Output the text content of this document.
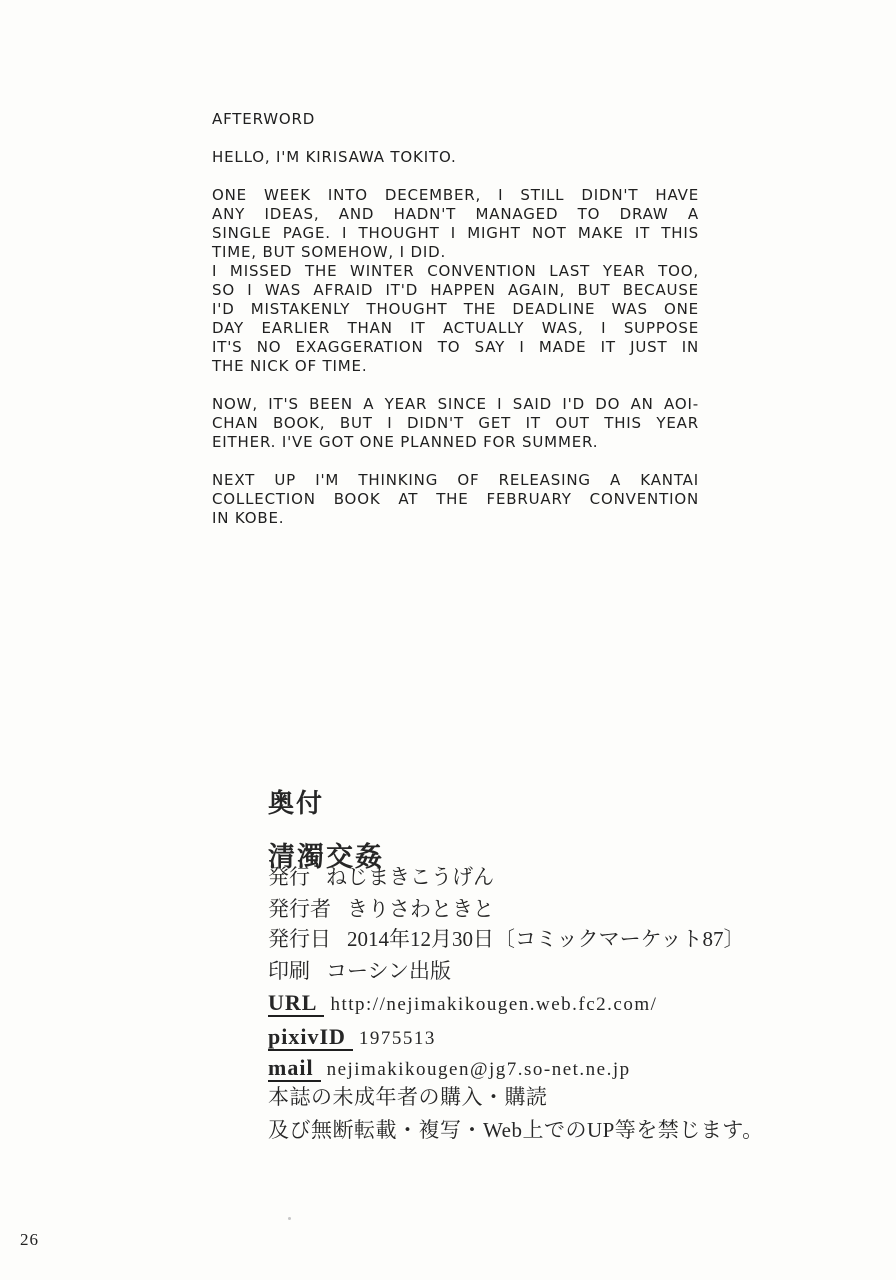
AFTERWORD
HELLO, I'M KIRISAWA TOKITO.
ONE WEEK INTO DECEMBER, I STILL DIDN'T HAVE
ANY IDEAS, AND HADN'T MANAGED TO DRAW A
SINGLE PAGE. I THOUGHT I MIGHT NOT MAKE IT THIS
TIME, BUT SOMEHOW, I DID.
I MISSED THE WINTER CONVENTION LAST YEAR TOO,
SO I WAS AFRAID IT'D HAPPEN AGAIN, BUT BECAUSE
I'D MISTAKENLY THOUGHT THE DEADLINE WAS ONE
DAY EARLIER THAN IT ACTUALLY WAS, I SUPPOSE
IT'S NO EXAGGERATION TO SAY I MADE IT JUST IN
THE NICK OF TIME.
NOW, IT'S BEEN A YEAR SINCE I SAID I'D DO AN AOI-
CHAN BOOK, BUT I DIDN'T GET IT OUT THIS YEAR
EITHER. I'VE GOT ONE PLANNED FOR SUMMER.
NEXT UP I'M THINKING OF RELEASING A KANTAI
COLLECTION BOOK AT THE FEBRUARY CONVENTION
IN KOBE.
奥付
清濁交姦
発行 ねじまきこうげん
発行者 きりさわときと
発行日 2014年12月30日〔コミックマーケット87〕
印刷 コーシン出版
URL http://nejimakikougen.web.fc2.com/
pixivID 1975513
mail nejimakikougen@jg7.so-net.ne.jp
本誌の未成年者の購入・購読
及び無断転載・複写・Web上でのUP等を禁じます。
26
